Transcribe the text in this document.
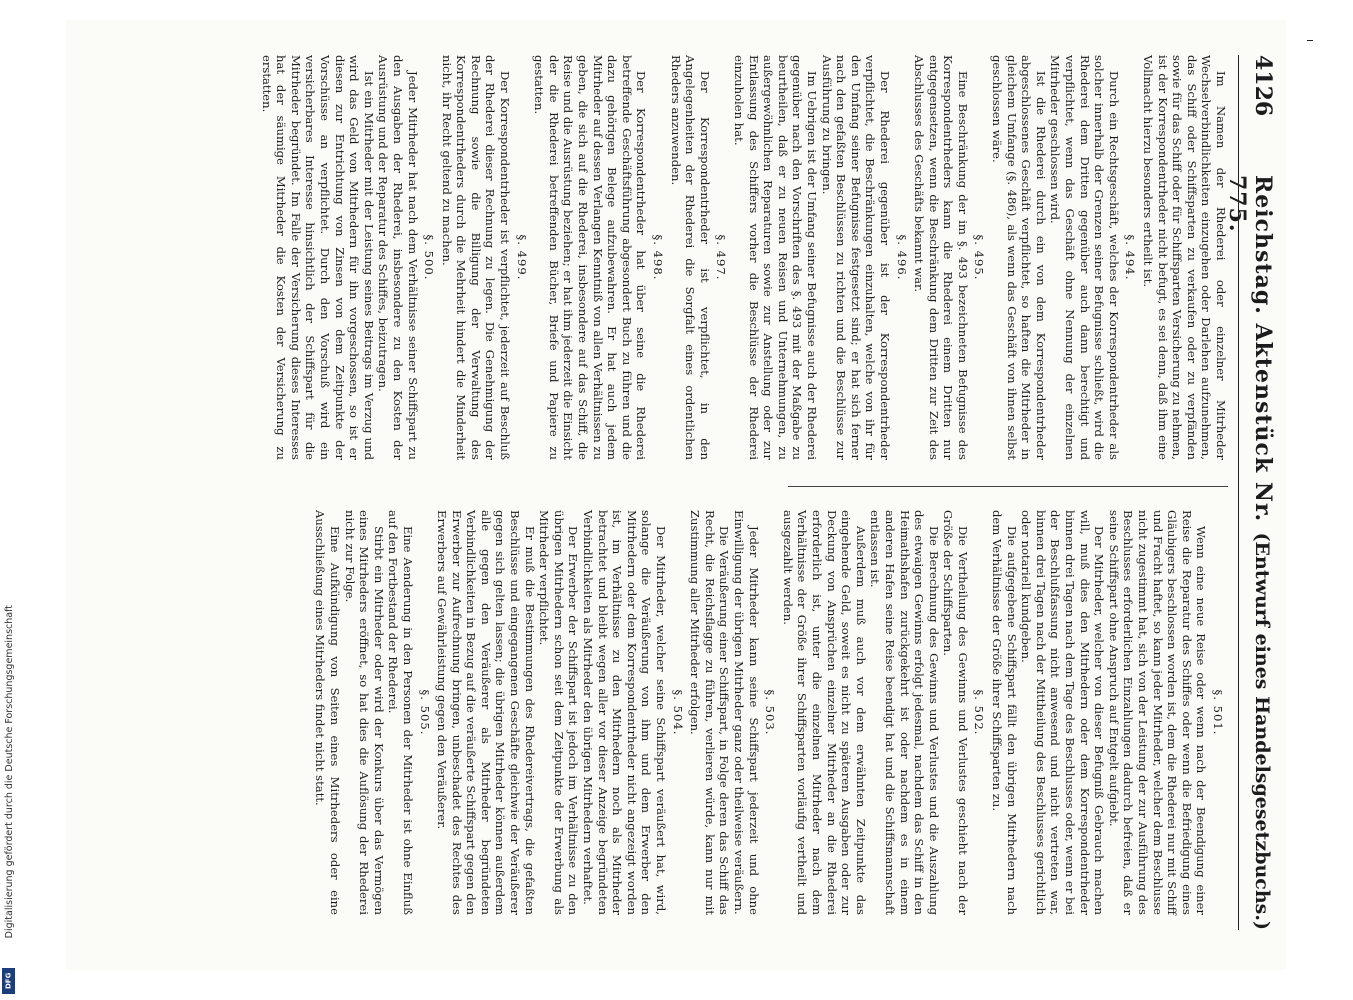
4126
Reichstag. Aktenstück Nr. 775.
(Entwurf eines Handelsgesetzbuchs.)

Im Namen der Rhederei oder einzelner Mitrheder Wechselverbindlichkeiten einzugehen oder Darlehen aufzunehmen, das Schiff oder Schiffsparten zu verkaufen oder zu verpfänden sowie für das Schiff oder für Schiffsparten Versicherung zu nehmen, ist der Korrespondentrheder nicht befugt, es sei denn, daß ihm eine Vollmacht hierzu besonders ertheilt ist.

§. 494.

Durch ein Rechtsgeschäft, welches der Korrespondentrheder als solcher innerhalb der Grenzen seiner Befugnisse schließt, wird die Rhederei dem Dritten gegenüber auch dann berechtigt und verpflichtet, wenn das Geschäft ohne Nennung der einzelnen Mitrheder geschlossen wird.

Ist die Rhederei durch ein von dem Korrespondentrheder abgeschlossenes Geschäft verpflichtet, so haften die Mitrheder in gleichem Umfange (§. 486), als wenn das Geschäft von ihnen selbst geschlossen wäre.

§. 495.

Eine Beschränkung der im §. 493 bezeichneten Befugnisse des Korrespondentrheders kann die Rhederei einem Dritten nur entgegensetzen, wenn die Beschränkung dem Dritten zur Zeit des Abschlusses des Geschäfts bekannt war.

§. 496.

Der Rhederei gegenüber ist der Korrespondentrheder verpflichtet, die Beschränkungen einzuhalten, welche von ihr für den Umfang seiner Befugnisse festgesetzt sind; er hat sich ferner nach den gefaßten Beschlüssen zu richten und die Beschlüsse zur Ausführung zu bringen.

Im Uebrigen ist der Umfang seiner Befugnisse auch der Rhederei gegenüber nach den Vorschriften des §. 493 mit der Maßgabe zu beurtheilen, daß er zu neuen Reisen und Unternehmungen, zu außergewöhnlichen Reparaturen sowie zur Anstellung oder zur Entlassung des Schiffers vorher die Beschlüsse der Rhederei einzuholen hat.

§. 497.

Der Korrespondentrheder ist verpflichtet, in den Angelegenheiten der Rhederei die Sorgfalt eines ordentlichen Rheders anzuwenden.

§. 498.

Der Korrespondentrheder hat über seine die Rhederei betreffende Geschäftsführung abgesondert Buch zu führen und die dazu gehörigen Belege aufzubewahren. Er hat auch jedem Mitrheder auf dessen Verlangen Kenntniß von allen Verhältnissen zu geben, die sich auf die Rhederei, insbesondere auf das Schiff, die Reise und die Ausrüstung beziehen; er hat ihm jederzeit die Einsicht der die Rhederei betreffenden Bücher, Briefe und Papiere zu gestatten.

§. 499.

Der Korrespondentrheder ist verpflichtet, jederzeit auf Beschluß der Rhederei dieser Rechnung zu legen. Die Genehmigung der Rechnung sowie die Billigung der Verwaltung des Korrespondentrheders durch die Mehrheit hindert die Minderheit nicht, ihr Recht geltend zu machen.

§. 500.

Jeder Mitrheder hat nach dem Verhältnisse seiner Schiffspart zu den Ausgaben der Rhederei, insbesondere zu den Kosten der Ausrüstung und der Reparatur des Schiffes, beizutragen.

Ist ein Mitrheder mit der Leistung seines Beitrags im Verzug und wird das Geld von Mitrhedern für ihn vorgeschossen, so ist er diesen zur Entrichtung von Zinsen von dem Zeitpunkte der Vorschüsse an verpflichtet. Durch den Vorschuß wird ein versicherbares Interesse hinsichtlich der Schiffspart für die Mitrheder begründet. Im Falle der Versicherung dieses Interesses hat der säumige Mitrheder die Kosten der Versicherung zu erstatten.

§. 501.

Wenn eine neue Reise oder wenn nach der Beendigung einer Reise die Reparatur des Schiffes oder wenn die Befriedigung eines Gläubigers beschlossen worden ist, dem die Rhederei nur mit Schiff und Fracht haftet, so kann jeder Mitrheder, welcher dem Beschlusse nicht zugestimmt hat, sich von der Leistung der zur Ausführung des Beschlusses erforderlichen Einzahlungen dadurch befreien, daß er seine Schiffspart ohne Anspruch auf Entgelt aufgiebt.

Der Mitrheder, welcher von dieser Befugniß Gebrauch machen will, muß dies den Mitrhedern oder dem Korrespondentrheder binnen drei Tagen nach dem Tage des Beschlusses oder, wenn er bei der Beschlußfassung nicht anwesend und nicht vertreten war, binnen drei Tagen nach der Mittheilung des Beschlusses gerichtlich oder notariell kundgeben.

Die aufgegebene Schiffspart fällt den übrigen Mitrhedern nach dem Verhältnisse der Größe ihrer Schiffsparten zu.

§. 502.

Die Vertheilung des Gewinns und Verlustes geschieht nach der Größe der Schiffsparten.

Die Berechnung des Gewinns und Verlustes und die Auszahlung des etwaigen Gewinns erfolgt jedesmal, nachdem das Schiff in den Heimathshafen zurückgekehrt ist oder nachdem es in einem anderen Hafen seine Reise beendigt hat und die Schiffsmannschaft entlassen ist.

Außerdem muß auch vor dem erwähnten Zeitpunkte das eingehende Geld, soweit es nicht zu späteren Ausgaben oder zur Deckung von Ansprüchen einzelner Mitrheder an die Rhederei erforderlich ist, unter die einzelnen Mitrheder nach dem Verhältnisse der Größe ihrer Schiffsparten vorläufig vertheilt und ausgezahlt werden.

§. 503.

Jeder Mitrheder kann seine Schiffspart jederzeit und ohne Einwilligung der übrigen Mitrheder ganz oder theilweise veräußern.

Die Veräußerung einer Schiffspart, in Folge deren das Schiff das Recht, die Reichsflagge zu führen, verlieren würde, kann nur mit Zustimmung aller Mitrheder erfolgen.

§. 504.

Der Mitrheder, welcher seine Schiffspart veräußert hat, wird, solange die Veräußerung von ihm und dem Erwerber den Mitrhedern oder dem Korrespondentrheder nicht angezeigt worden ist, im Verhältnisse zu den Mitrhedern noch als Mitrheder betrachtet und bleibt wegen aller vor dieser Anzeige begründeten Verbindlichkeiten als Mitrheder den übrigen Mitrhedern verhaftet.

Der Erwerber der Schiffspart ist jedoch im Verhältnisse zu den übrigen Mitrhedern schon seit dem Zeitpunkte der Erwerbung als Mitrheder verpflichtet.

Er muß die Bestimmungen des Rhedereivertrags, die gefaßten Beschlüsse und eingegangenen Geschäfte gleichwie der Veräußerer gegen sich gelten lassen; die übrigen Mitrheder können außerdem alle gegen den Veräußerer als Mitrheder begründeten Verbindlichkeiten in Bezug auf die veräußerte Schiffspart gegen den Erwerber zur Aufrechnung bringen, unbeschadet des Rechtes des Erwerbers auf Gewährleistung gegen den Veräußerer.

§. 505.

Eine Aenderung in den Personen der Mitrheder ist ohne Einfluß auf den Fortbestand der Rhederei.

Stirbt ein Mitrheder oder wird der Konkurs über das Vermögen eines Mitrheders eröffnet, so hat dies die Auflösung der Rhederei nicht zur Folge.

Eine Aufkündigung von Seiten eines Mitrheders oder eine Ausschließung eines Mitrheders findet nicht statt.

Digitalisierung gefördert durch die Deutsche Forschungsgemeinschaft
DFG
